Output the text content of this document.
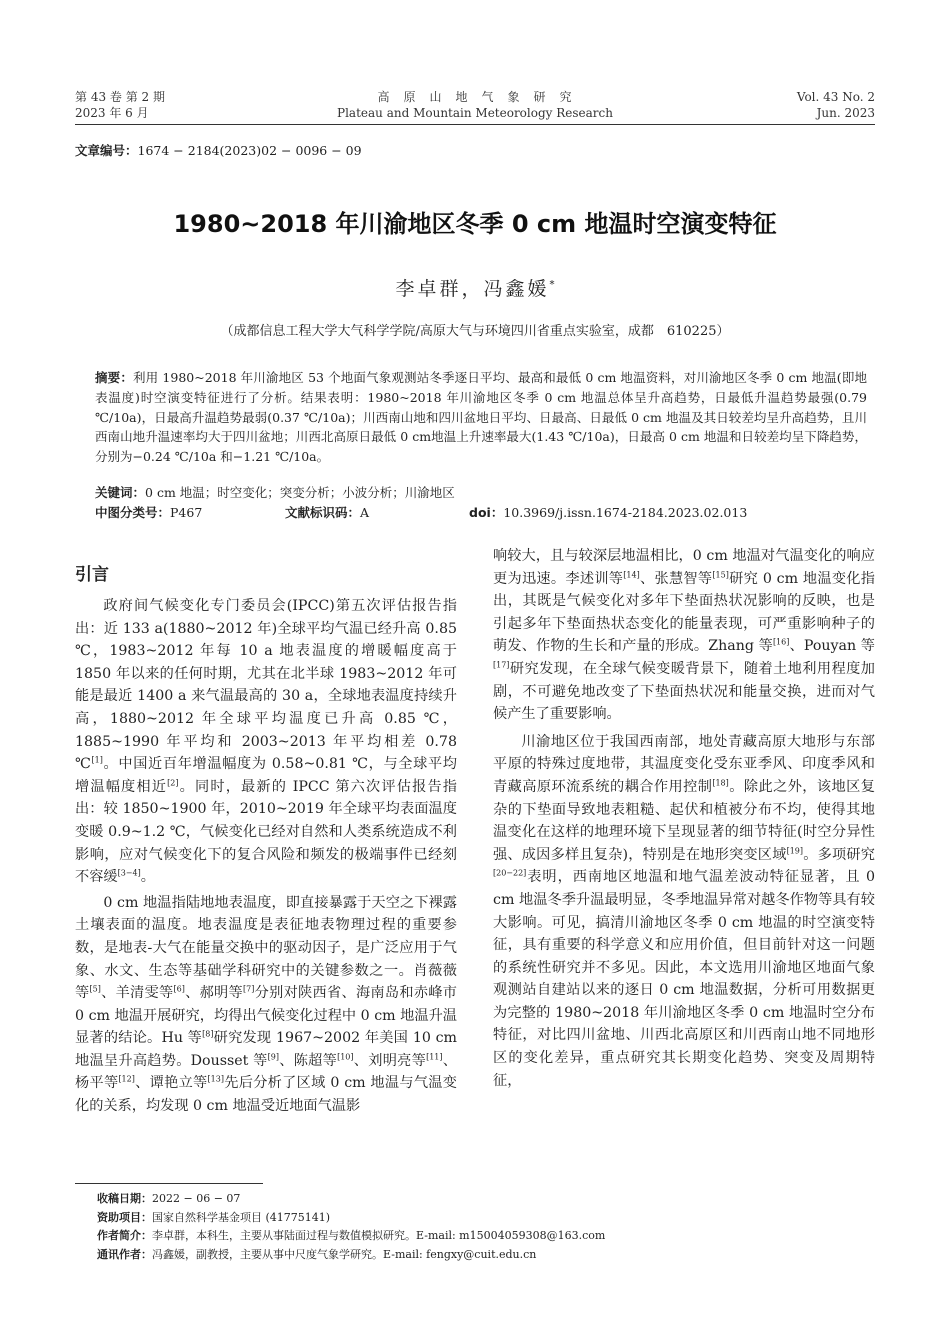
第 43 卷 第 2 期
2023 年 6 月
高　原　山　地　气　象　研　究
Plateau and Mountain Meteorology Research
Vol. 43 No. 2
Jun. 2023
文章编号：1674 − 2184(2023)02 − 0096 − 09
1980~2018 年川渝地区冬季 0 cm 地温时空演变特征
李卓群，冯鑫媛*
（成都信息工程大学大气科学学院/高原大气与环境四川省重点实验室，成都　610225）
摘要：利用 1980~2018 年川渝地区 53 个地面气象观测站冬季逐日平均、最高和最低 0 cm 地温资料，对川渝地区冬季 0 cm 地温(即地表温度)时空演变特征进行了分析。结果表明：1980~2018 年川渝地区冬季 0 cm 地温总体呈升高趋势，日最低升温趋势最强(0.79 ℃/10a)，日最高升温趋势最弱(0.37 ℃/10a)；川西南山地和四川盆地日平均、日最高、日最低 0 cm 地温及其日较差均呈升高趋势，且川西南山地升温速率均大于四川盆地；川西北高原日最低 0 cm地温上升速率最大(1.43 ℃/10a)，日最高 0 cm 地温和日较差均呈下降趋势，分别为−0.24 ℃/10a 和−1.21 ℃/10a。
关键词：0 cm 地温；时空变化；突变分析；小波分析；川渝地区
中图分类号：P467	文献标识码：A	doi：10.3969/j.issn.1674-2184.2023.02.013
引言

政府间气候变化专门委员会(IPCC)第五次评估报告指出：近 133 a(1880~2012 年)全球平均气温已经升高 0.85 ℃，1983~2012 年每 10 a 地表温度的增暖幅度高于 1850 年以来的任何时期，尤其在北半球 1983~2012 年可能是最近 1400 a 来气温最高的 30 a，全球地表温度持续升高，1880~2012 年全球平均温度已升高 0.85 ℃，1885~1990 年平均和 2003~2013 年平均相差 0.78 ℃[1]。中国近百年增温幅度为 0.58~0.81 ℃，与全球平均增温幅度相近[2]。同时，最新的 IPCC 第六次评估报告指出：较 1850~1900 年，2010~2019 年全球平均表面温度变暖 0.9~1.2 ℃，气候变化已经对自然和人类系统造成不利影响，应对气候变化下的复合风险和频发的极端事件已经刻不容缓[3−4]。

0 cm 地温指陆地地表温度，即直接暴露于天空之下裸露土壤表面的温度。地表温度是表征地表物理过程的重要参数，是地表-大气在能量交换中的驱动因子，是广泛应用于气象、水文、生态等基础学科研究中的关键参数之一。肖薇薇等[5]、羊清雯等[6]、郝明等[7]分别对陕西省、海南岛和赤峰市 0 cm 地温开展研究，均得出气候变化过程中 0 cm 地温升温显著的结论。Hu 等[8]研究发现 1967~2002 年美国 10 cm 地温呈升高趋势。Dousset 等[9]、陈超等[10]、刘明亮等[11]、杨平等[12]、谭艳立等[13]先后分析了区域 0 cm 地温与气温变化的关系，均发现 0 cm 地温受近地面气温影

响较大，且与较深层地温相比，0 cm 地温对气温变化的响应更为迅速。李述训等[14]、张慧智等[15]研究 0 cm 地温变化指出，其既是气候变化对多年下垫面热状况影响的反映，也是引起多年下垫面热状态变化的能量表现，可严重影响种子的萌发、作物的生长和产量的形成。Zhang 等[16]、Pouyan 等[17]研究发现，在全球气候变暖背景下，随着土地利用程度加剧，不可避免地改变了下垫面热状况和能量交换，进而对气候产生了重要影响。

川渝地区位于我国西南部，地处青藏高原大地形与东部平原的特殊过度地带，其温度变化受东亚季风、印度季风和青藏高原环流系统的耦合作用控制[18]。除此之外，该地区复杂的下垫面导致地表粗糙、起伏和植被分布不均，使得其地温变化在这样的地理环境下呈现显著的细节特征(时空分异性强、成因多样且复杂)，特别是在地形突变区域[19]。多项研究[20−22]表明，西南地区地温和地气温差波动特征显著，且 0 cm 地温冬季升温最明显，冬季地温异常对越冬作物等具有较大影响。可见，搞清川渝地区冬季 0 cm 地温的时空演变特征，具有重要的科学意义和应用价值，但目前针对这一问题的系统性研究并不多见。因此，本文选用川渝地区地面气象观测站自建站以来的逐日 0 cm 地温数据，分析可用数据更为完整的 1980~2018 年川渝地区冬季 0 cm 地温时空分布特征，对比四川盆地、川西北高原区和川西南山地不同地形区的变化差异，重点研究其长期变化趋势、突变及周期特征，

收稿日期：2022 − 06 − 07
资助项目：国家自然科学基金项目 (41775141)
作者简介：李卓群，本科生，主要从事陆面过程与数值模拟研究。E-mail: m15004059308@163.com
通讯作者：冯鑫媛，副教授，主要从事中尺度气象学研究。E-mail: fengxy@cuit.edu.cn
